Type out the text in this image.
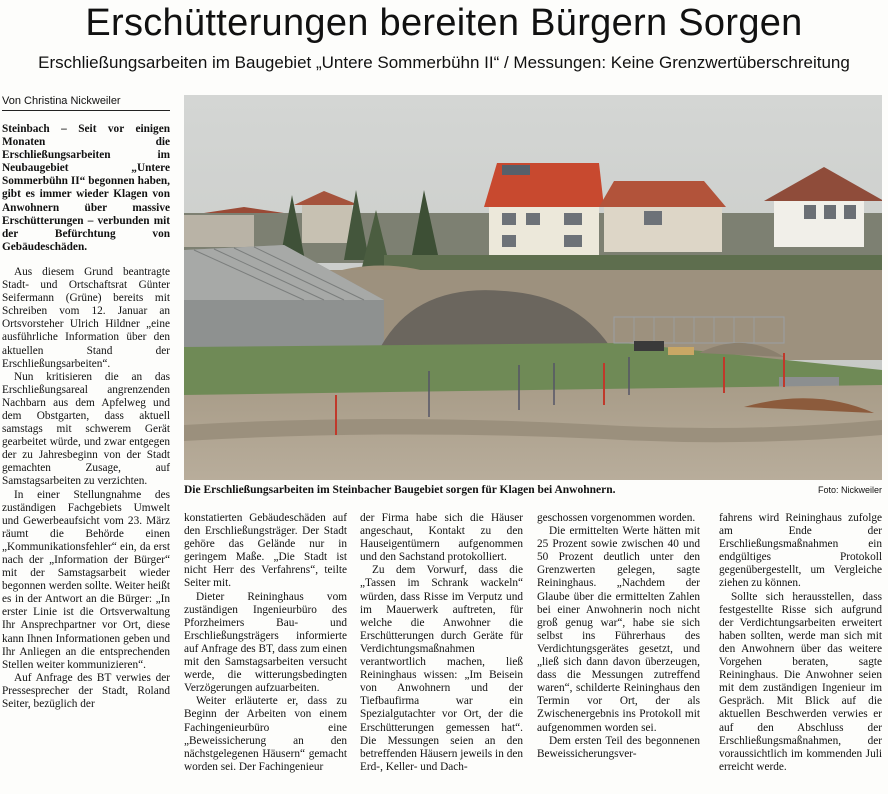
Erschütterungen bereiten Bürgern Sorgen
Erschließungsarbeiten im Baugebiet „Untere Sommerbühn II“ / Messungen: Keine Grenzwertüberschreitung
Von Christina Nickweiler
Die Erschließungsarbeiten im Steinbacher Baugebiet sorgen für Klagen bei Anwohnern.	Foto: Nickweiler

Steinbach – Seit vor einigen Monaten die Erschließungsarbeiten im Neubaugebiet „Untere Sommerbühn II“ begonnen haben, gibt es immer wieder Klagen von Anwohnern über massive Erschütterungen – verbunden mit der Befürchtung von Gebäudeschäden.

Aus diesem Grund beantragte Stadt- und Ortschaftsrat Günter Seifermann (Grüne) bereits mit Schreiben vom 12. Januar an Ortsvorsteher Ulrich Hildner „eine ausführliche Information über den aktuellen Stand der Erschließungsarbeiten“.

Nun kritisieren die an das Erschließungsareal angrenzenden Nachbarn aus dem Apfelweg und dem Obstgarten, dass aktuell samstags mit schwerem Gerät gearbeitet würde, und zwar entgegen der zu Jahresbeginn von der Stadt gemachten Zusage, auf Samstagsarbeiten zu verzichten.

In einer Stellungnahme des zuständigen Fachgebiets Umwelt und Gewerbeaufsicht vom 23. März räumt die Behörde einen „Kommunikationsfehler“ ein, da erst nach der „Information der Bürger“ mit der Samstagsarbeit wieder begonnen werden sollte. Weiter heißt es in der Antwort an die Bürger: „In erster Linie ist die Ortsverwaltung Ihr Ansprechpartner vor Ort, diese kann Ihnen Informationen geben und Ihr Anliegen an die entsprechenden Stellen weiter kommunizieren“.

Auf Anfrage des BT verwies der Pressesprecher der Stadt, Roland Seiter, bezüglich der

konstatierten Gebäudeschäden auf den Erschließungsträger. Der Stadt gehöre das Gelände nur in geringem Maße. „Die Stadt ist nicht Herr des Verfahrens“, teilte Seiter mit.

Dieter Reininghaus vom zuständigen Ingenieurbüro des Pforzheimers Bau- und Erschließungsträgers informierte auf Anfrage des BT, dass zum einen mit den Samstagsarbeiten versucht werde, die witterungsbedingten Verzögerungen aufzuarbeiten.

Weiter erläuterte er, dass zu Beginn der Arbeiten von einem Fachingenieurbüro eine „Beweissicherung an den nächstgelegenen Häusern“ gemacht worden sei. Der Fachingenieur

der Firma habe sich die Häuser angeschaut, Kontakt zu den Hauseigentümern aufgenommen und den Sachstand protokolliert.

Zu dem Vorwurf, dass die „Tassen im Schrank wackeln“ würden, dass Risse im Verputz und im Mauerwerk auftreten, für welche die Anwohner die Erschütterungen durch Geräte für Verdichtungsmaßnahmen verantwortlich machen, ließ Reininghaus wissen: „Im Beisein von Anwohnern und der Tiefbaufirma war ein Spezialgutachter vor Ort, der die Erschütterungen gemessen hat“. Die Messungen seien an den betreffenden Häusern jeweils in den Erd-, Keller- und Dach-

geschossen vorgenommen worden.

Die ermittelten Werte hätten mit 25 Prozent sowie zwischen 40 und 50 Prozent deutlich unter den Grenzwerten gelegen, sagte Reininghaus. „Nachdem der Glaube über die ermittelten Zahlen bei einer Anwohnerin noch nicht groß genug war“, habe sie sich selbst ins Führerhaus des Verdichtungsgerätes gesetzt, und „ließ sich dann davon überzeugen, dass die Messungen zutreffend waren“, schilderte Reininghaus den Termin vor Ort, der als Zwischenergebnis ins Protokoll mit aufgenommen worden sei.

Dem ersten Teil des begonnenen Beweissicherungsver-

fahrens wird Reininghaus zufolge am Ende der Erschließungsmaßnahmen ein endgültiges Protokoll gegenübergestellt, um Vergleiche ziehen zu können.

Sollte sich herausstellen, dass festgestellte Risse sich aufgrund der Verdichtungsarbeiten erweitert haben sollten, werde man sich mit den Anwohnern über das weitere Vorgehen beraten, sagte Reininghaus. Die Anwohner seien mit dem zuständigen Ingenieur im Gespräch. Mit Blick auf die aktuellen Beschwerden verwies er auf den Abschluss der Erschließungsmaßnahmen, der voraussichtlich im kommenden Juli erreicht werde.
